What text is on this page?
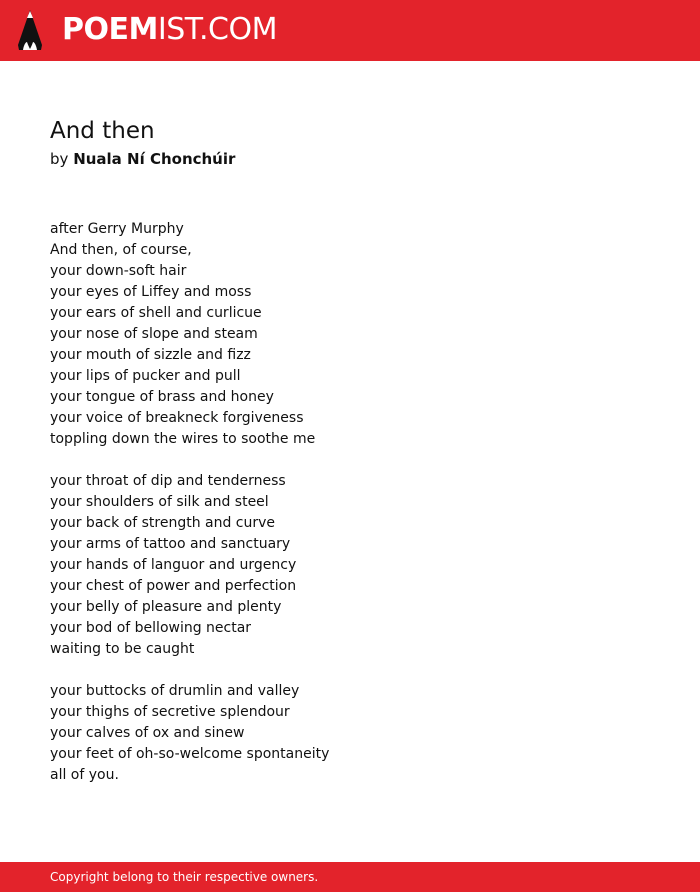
POEMIST.COM
And then
by Nuala Ní Chonchúir
after Gerry Murphy
And then, of course,
your down-soft hair
your eyes of Liffey and moss
your ears of shell and curlicue
your nose of slope and steam
your mouth of sizzle and fizz
your lips of pucker and pull
your tongue of brass and honey
your voice of breakneck forgiveness
toppling down the wires to soothe me
your throat of dip and tenderness
your shoulders of silk and steel
your back of strength and curve
your arms of tattoo and sanctuary
your hands of languor and urgency
your chest of power and perfection
your belly of pleasure and plenty
your bod of bellowing nectar
waiting to be caught
your buttocks of drumlin and valley
your thighs of secretive splendour
your calves of ox and sinew
your feet of oh-so-welcome spontaneity
all of you.
Copyright belong to their respective owners.
